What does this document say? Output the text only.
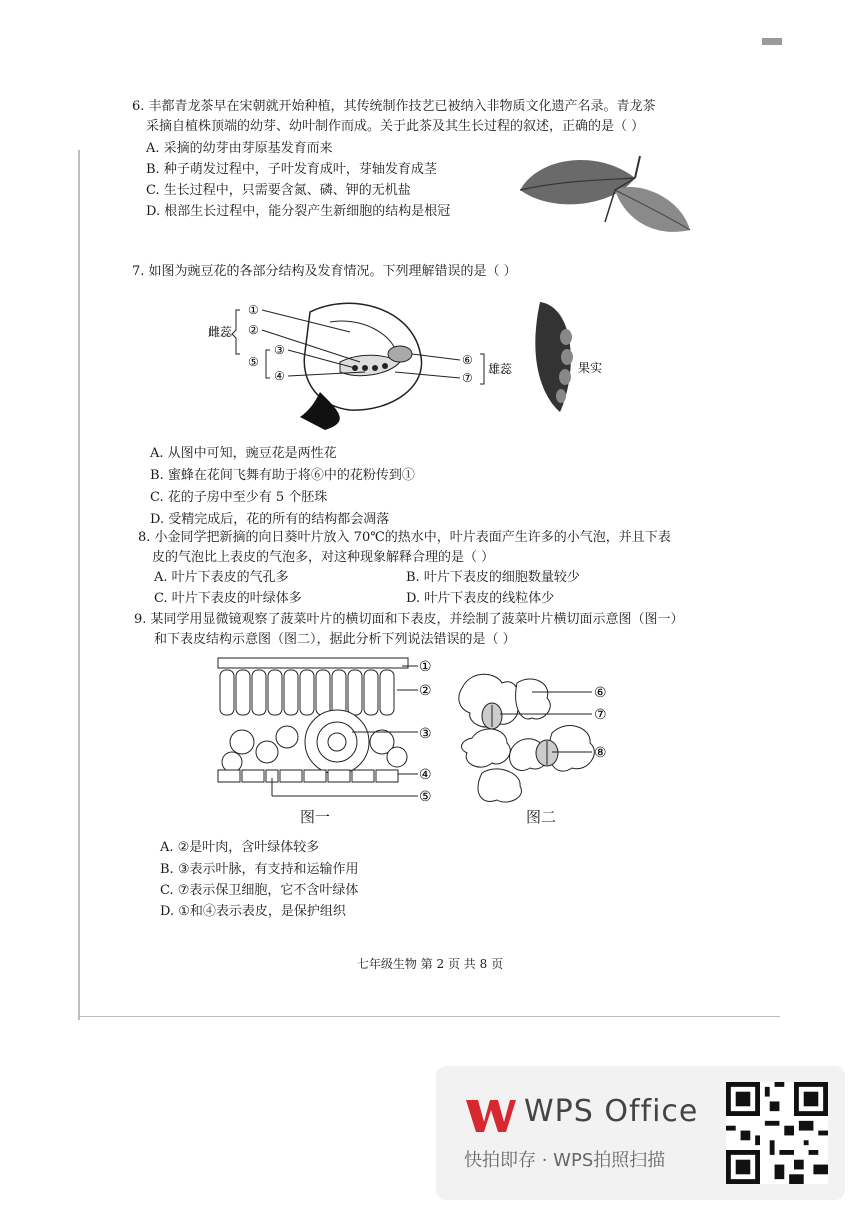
6. 丰都青龙茶早在宋朝就开始种植，其传统制作技艺已被纳入非物质文化遗产名录。青龙茶
采摘自植株顶端的幼芽、幼叶制作而成。关于此茶及其生长过程的叙述，正确的是（ ）
A. 采摘的幼芽由芽原基发育而来
B. 种子萌发过程中，子叶发育成叶，芽轴发育成茎
C. 生长过程中，只需要含氮、磷、钾的无机盐
D. 根部生长过程中，能分裂产生新细胞的结构是根冠
7. 如图为豌豆花的各部分结构及发育情况。下列理解错误的是（ ）
雌蕊
①
②
⑤
③
④
⑥
⑦
雄蕊	果实
A. 从图中可知，豌豆花是两性花
B. 蜜蜂在花间飞舞有助于将⑥中的花粉传到①
C. 花的子房中至少有 5 个胚珠
D. 受精完成后，花的所有的结构都会凋落
8. 小金同学把新摘的向日葵叶片放入 70℃的热水中，叶片表面产生许多的小气泡，并且下表
皮的气泡比上表皮的气泡多，对这种现象解释合理的是（ ）
A. 叶片下表皮的气孔多	B. 叶片下表皮的细胞数量较少
C. 叶片下表皮的叶绿体多	D. 叶片下表皮的线粒体少
9. 某同学用显微镜观察了菠菜叶片的横切面和下表皮，并绘制了菠菜叶片横切面示意图（图一）
和下表皮结构示意图（图二），据此分析下列说法错误的是（ ）
①
②
③
④
⑤
图一
⑥
⑦
⑧
图二
A. ②是叶肉，含叶绿体较多
B. ③表示叶脉，有支持和运输作用
C. ⑦表示保卫细胞，它不含叶绿体
D. ①和④表示表皮，是保护组织
七年级生物 第 2 页 共 8 页
WPS Office
快拍即存 · WPS拍照扫描
